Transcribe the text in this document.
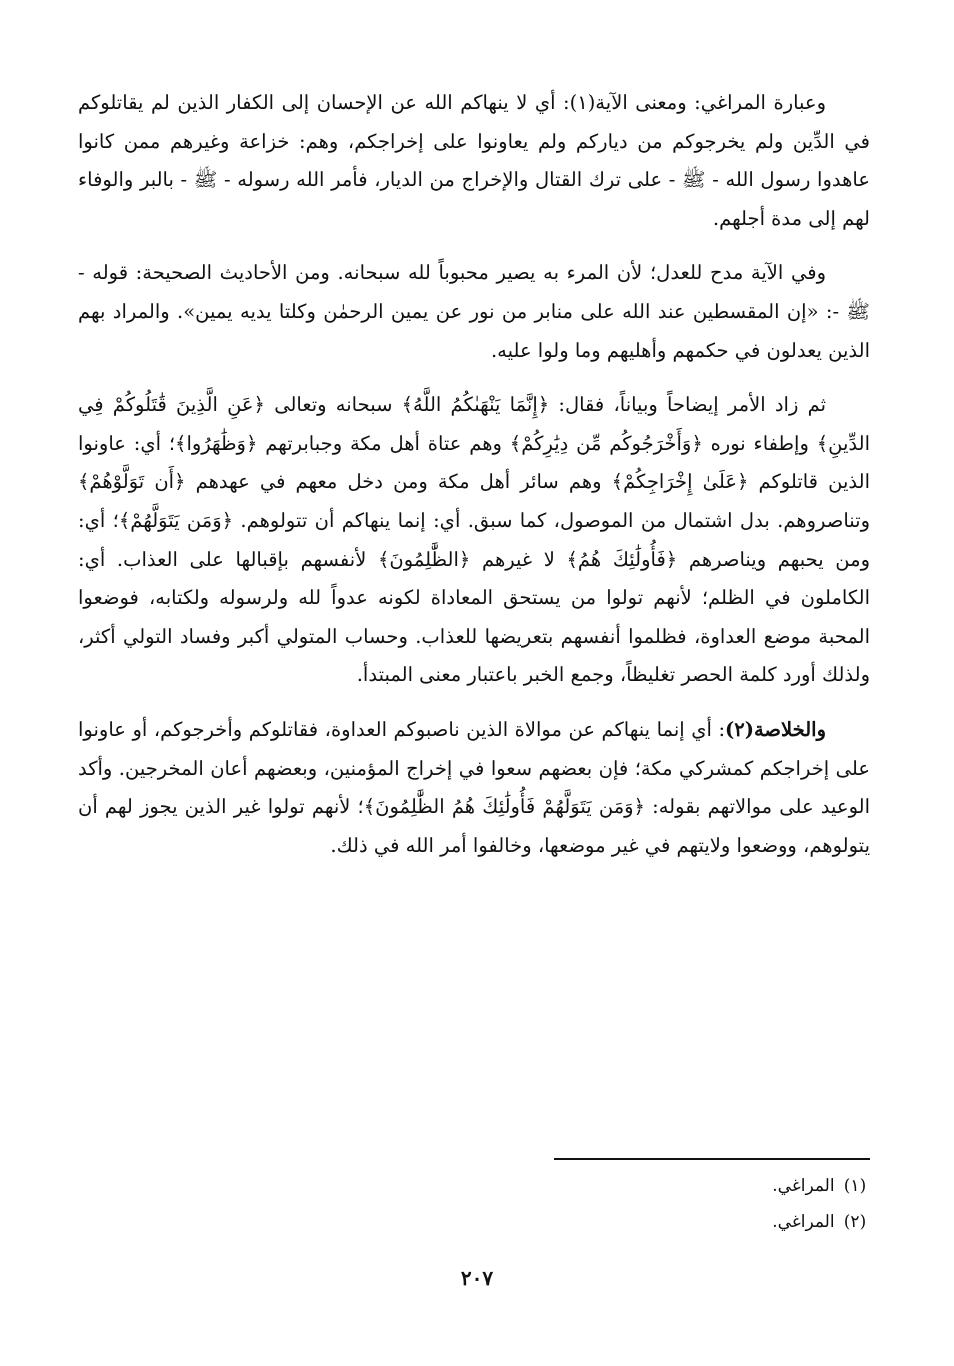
وعبارة المراغي: ومعنى الآية(١): أي لا ينهاكم الله عن الإحسان إلى الكفار الذين لم يقاتلوكم في الدِّين ولم يخرجوكم من دياركم ولم يعاونوا على إخراجكم، وهم: خزاعة وغيرهم ممن كانوا عاهدوا رسول الله - ﷺ - على ترك القتال والإخراج من الديار، فأمر الله رسوله - ﷺ - بالبر والوفاء لهم إلى مدة أجلهم.

وفي الآية مدح للعدل؛ لأن المرء به يصير محبوباً لله سبحانه. ومن الأحاديث الصحيحة: قوله - ﷺ -: «إن المقسطين عند الله على منابر من نور عن يمين الرحمٰن وكلتا يديه يمين». والمراد بهم الذين يعدلون في حكمهم وأهليهم وما ولوا عليه.

ثم زاد الأمر إيضاحاً وبياناً، فقال: ﴿إِنَّمَا يَنْهَىٰكُمُ اللَّهُ﴾ سبحانه وتعالى ﴿عَنِ الَّذِينَ قَٰتَلُوكُمْ فِي الدِّينِ﴾ وإطفاء نوره ﴿وَأَخْرَجُوكُم مِّن دِيَٰرِكُمْ﴾ وهم عتاة أهل مكة وجبابرتهم ﴿وَظَٰهَرُوا﴾؛ أي: عاونوا الذين قاتلوكم ﴿عَلَىٰ إِخْرَاجِكُمْ﴾ وهم سائر أهل مكة ومن دخل معهم في عهدهم ﴿أَن تَوَلَّوْهُمْ﴾ وتناصروهم. بدل اشتمال من الموصول، كما سبق. أي: إنما ينهاكم أن تتولوهم. ﴿وَمَن يَتَوَلَّهُمْ﴾؛ أي: ومن يحبهم ويناصرهم ﴿فَأُولَٰئِكَ هُمُ﴾ لا غيرهم ﴿الظَّٰلِمُونَ﴾ لأنفسهم بإقبالها على العذاب. أي: الكاملون في الظلم؛ لأنهم تولوا من يستحق المعاداة لكونه عدواً لله ولرسوله ولكتابه، فوضعوا المحبة موضع العداوة، فظلموا أنفسهم بتعريضها للعذاب. وحساب المتولي أكبر وفساد التولي أكثر، ولذلك أورد كلمة الحصر تغليظاً، وجمع الخبر باعتبار معنى المبتدأ.

والخلاصة(٢): أي إنما ينهاكم عن موالاة الذين ناصبوكم العداوة، فقاتلوكم وأخرجوكم، أو عاونوا على إخراجكم كمشركي مكة؛ فإن بعضهم سعوا في إخراج المؤمنين، وبعضهم أعان المخرجين. وأكد الوعيد على موالاتهم بقوله: ﴿وَمَن يَتَوَلَّهُمْ فَأُولَٰئِكَ هُمُ الظَّٰلِمُونَ﴾؛ لأنهم تولوا غير الذين يجوز لهم أن يتولوهم، ووضعوا ولايتهم في غير موضعها، وخالفوا أمر الله في ذلك.

(١) المراغي.
(٢) المراغي.
٢٠٧
